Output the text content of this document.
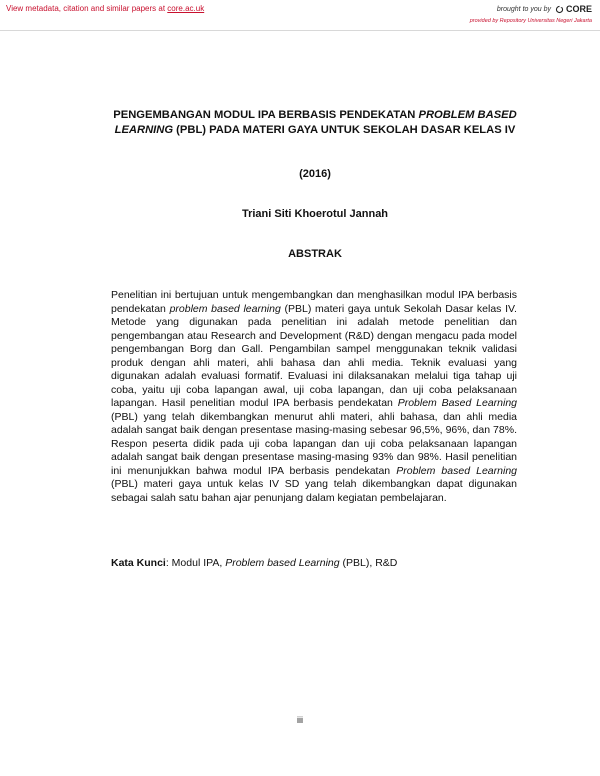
View metadata, citation and similar papers at core.ac.uk	brought to you by CORE
provided by Repository Universitas Negeri Jakarta
PENGEMBANGAN MODUL IPA BERBASIS PENDEKATAN PROBLEM BASED LEARNING (PBL) PADA MATERI GAYA UNTUK SEKOLAH DASAR KELAS IV
(2016)
Triani Siti Khoerotul Jannah
ABSTRAK

Penelitian ini bertujuan untuk mengembangkan dan menghasilkan modul IPA berbasis pendekatan problem based learning (PBL) materi gaya untuk Sekolah Dasar kelas IV. Metode yang digunakan pada penelitian ini adalah metode penelitian dan pengembangan atau Research and Development (R&D) dengan mengacu pada model pengembangan Borg dan Gall. Pengambilan sampel menggunakan teknik validasi produk dengan ahli materi, ahli bahasa dan ahli media. Teknik evaluasi yang digunakan adalah evaluasi formatif. Evaluasi ini dilaksanakan melalui tiga tahap uji coba, yaitu uji coba lapangan awal, uji coba lapangan, dan uji coba pelaksanaan lapangan. Hasil penelitian modul IPA berbasis pendekatan Problem Based Learning (PBL) yang telah dikembangkan menurut ahli materi, ahli bahasa, dan ahli media adalah sangat baik dengan presentase masing-masing sebesar 96,5%, 96%, dan 78%. Respon peserta didik pada uji coba lapangan dan uji coba pelaksanaan lapangan adalah sangat baik dengan presentase masing-masing 93% dan 98%. Hasil penelitian ini menunjukkan bahwa modul IPA berbasis pendekatan Problem based Learning (PBL) materi gaya untuk kelas IV SD yang telah dikembangkan dapat digunakan sebagai salah satu bahan ajar penunjang dalam kegiatan pembelajaran.

Kata Kunci: Modul IPA, Problem based Learning (PBL), R&D

iii
